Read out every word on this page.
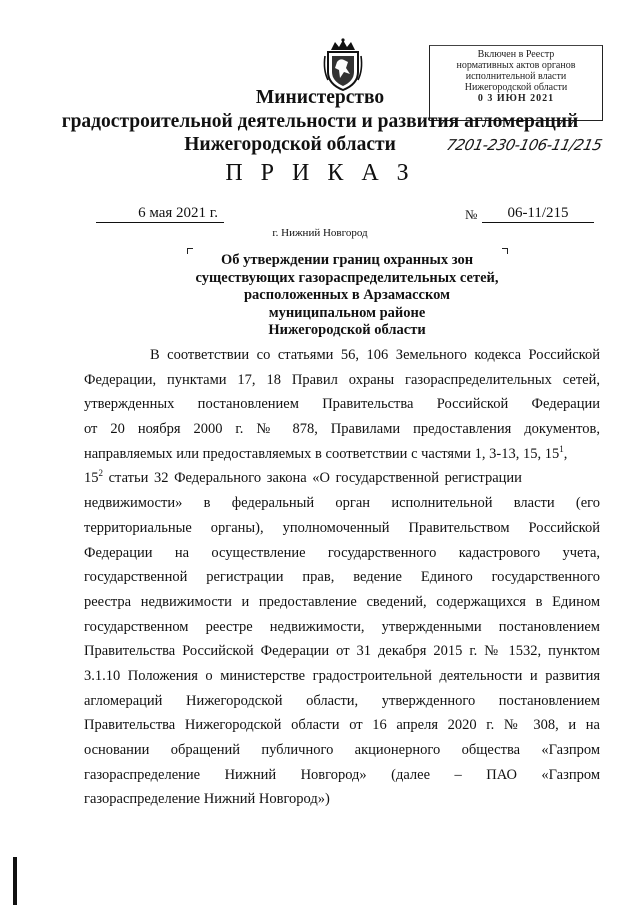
Включен в Реестр
нормативных актов органов
исполнительной власти
Нижегородской области
0 3 ИЮН 2021
Министерство
градостроительной деятельности и развития агломераций
Нижегородской области	7201-230-106-11/215
П Р И К А З
6 мая 2021 г.	№	06-11/215
г. Нижний Новгород
Об утверждении границ охранных зон
существующих газораспределительных сетей,
расположенных в Арзамасском
муниципальном районе
Нижегородской области
В соответствии со статьями 56, 106 Земельного кодекса Российской
Федерации, пунктами 17, 18 Правил охраны газораспределительных сетей,
утвержденных постановлением Правительства Российской Федерации
от 20 ноября 2000 г. № 878, Правилами предоставления документов,
направляемых или предоставляемых в соответствии с частями 1, 3-13, 15, $15^1$,
$15^2$ статьи 32 Федерального закона «О государственной регистрации
недвижимости» в федеральный орган исполнительной власти (его
территориальные органы), уполномоченный Правительством Российской
Федерации на осуществление государственного кадастрового учета,
государственной регистрации прав, ведение Единого государственного
реестра недвижимости и предоставление сведений, содержащихся в Едином
государственном реестре недвижимости, утвержденными постановлением
Правительства Российской Федерации от 31 декабря 2015 г. № 1532, пунктом
3.1.10 Положения о министерстве градостроительной деятельности и развития
агломераций Нижегородской области, утвержденного постановлением
Правительства Нижегородской области от 16 апреля 2020 г. № 308, и на
основании обращений публичного акционерного общества «Газпром
газораспределение Нижний Новгород» (далее – ПАО «Газпром
газораспределение Нижний Новгород»)
